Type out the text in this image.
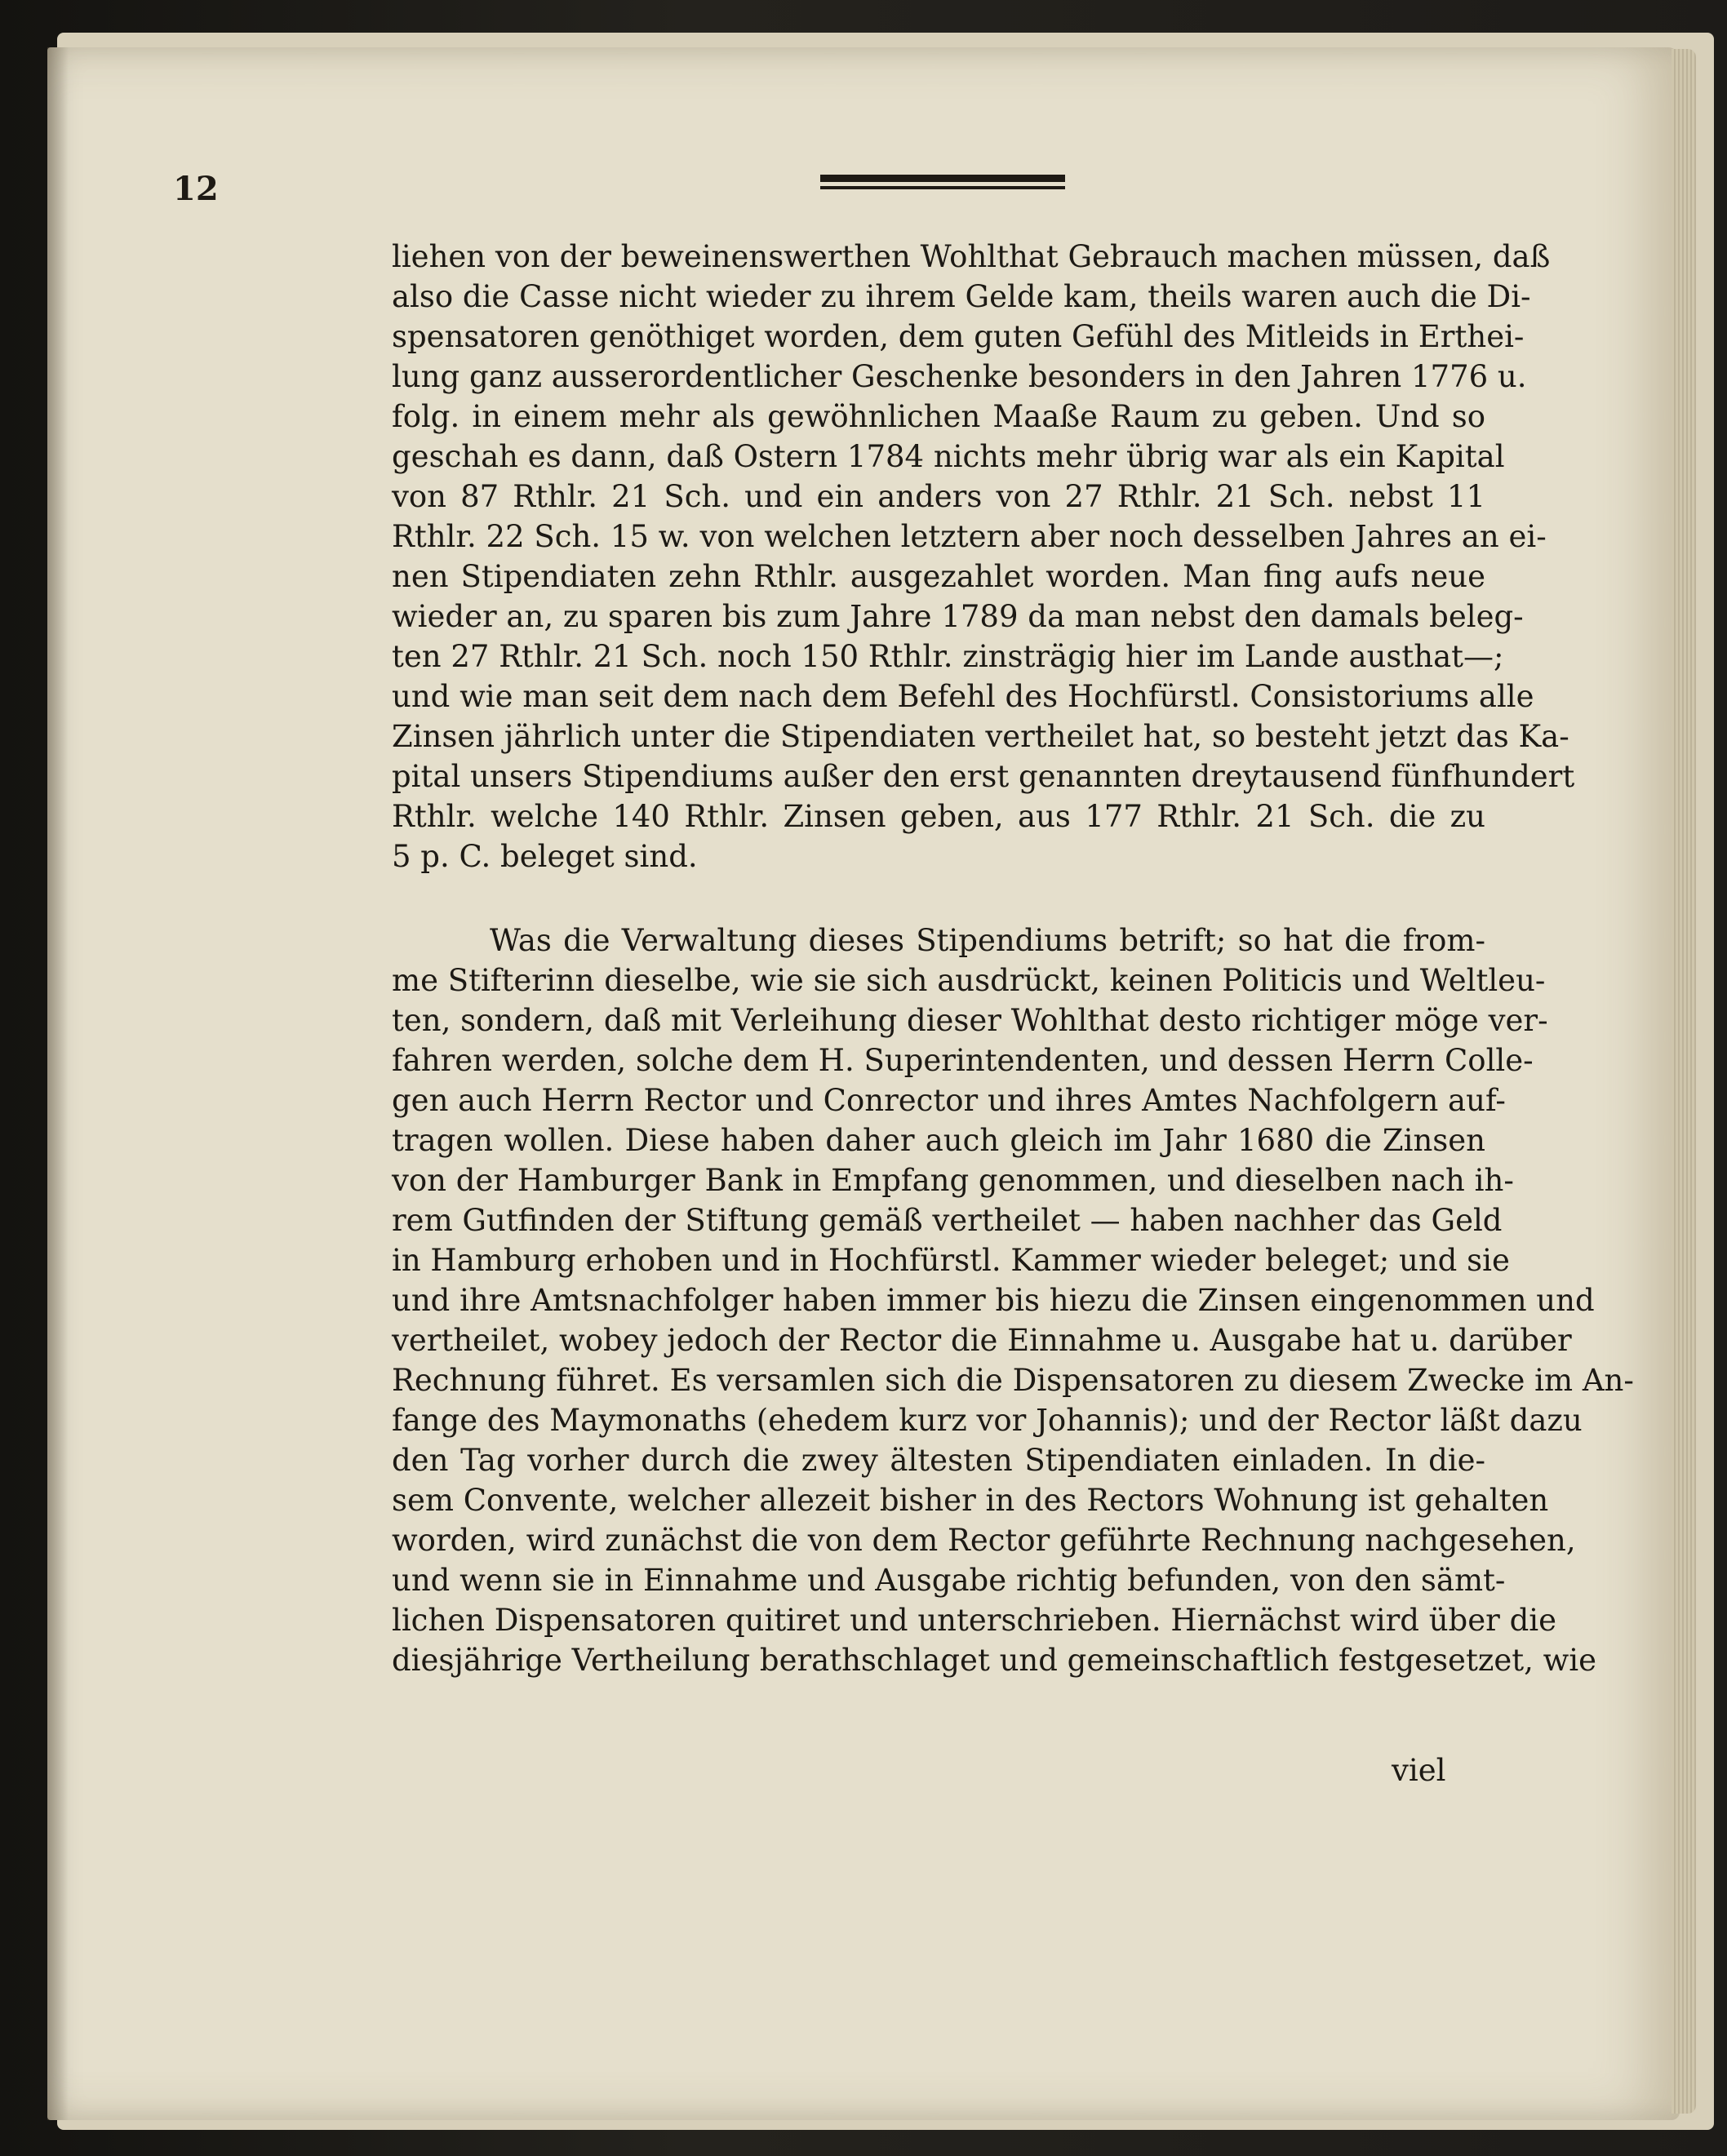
12
liehen von der beweinenswerthen Wohlthat Gebrauch machen müssen, daß
also die Casse nicht wieder zu ihrem Gelde kam, theils waren auch die Di-
spensatoren genöthiget worden, dem guten Gefühl des Mitleids in Erthei-
lung ganz ausserordentlicher Geschenke besonders in den Jahren 1776 u.
folg. in einem mehr als gewöhnlichen Maaße Raum zu geben. Und so
geschah es dann, daß Ostern 1784 nichts mehr übrig war als ein Kapital
von 87 Rthlr. 21 Sch. und ein anders von 27 Rthlr. 21 Sch. nebst 11
Rthlr. 22 Sch. 15 w. von welchen letztern aber noch desselben Jahres an ei-
nen Stipendiaten zehn Rthlr. ausgezahlet worden. Man fing aufs neue
wieder an, zu sparen bis zum Jahre 1789 da man nebst den damals beleg-
ten 27 Rthlr. 21 Sch. noch 150 Rthlr. zinsträgig hier im Lande austhat—;
und wie man seit dem nach dem Befehl des Hochfürstl. Consistoriums alle
Zinsen jährlich unter die Stipendiaten vertheilet hat, so besteht jetzt das Ka-
pital unsers Stipendiums außer den erst genannten dreytausend fünfhundert
Rthlr. welche 140 Rthlr. Zinsen geben, aus 177 Rthlr. 21 Sch. die zu
5 p. C. beleget sind.
Was die Verwaltung dieses Stipendiums betrift; so hat die from-
me Stifterinn dieselbe, wie sie sich ausdrückt, keinen Politicis und Weltleu-
ten, sondern, daß mit Verleihung dieser Wohlthat desto richtiger möge ver-
fahren werden, solche dem H. Superintendenten, und dessen Herrn Colle-
gen auch Herrn Rector und Conrector und ihres Amtes Nachfolgern auf-
tragen wollen. Diese haben daher auch gleich im Jahr 1680 die Zinsen
von der Hamburger Bank in Empfang genommen, und dieselben nach ih-
rem Gutfinden der Stiftung gemäß vertheilet — haben nachher das Geld
in Hamburg erhoben und in Hochfürstl. Kammer wieder beleget; und sie
und ihre Amtsnachfolger haben immer bis hiezu die Zinsen eingenommen und
vertheilet, wobey jedoch der Rector die Einnahme u. Ausgabe hat u. darüber
Rechnung führet. Es versamlen sich die Dispensatoren zu diesem Zwecke im An-
fange des Maymonaths (ehedem kurz vor Johannis); und der Rector läßt dazu
den Tag vorher durch die zwey ältesten Stipendiaten einladen. In die-
sem Convente, welcher allezeit bisher in des Rectors Wohnung ist gehalten
worden, wird zunächst die von dem Rector geführte Rechnung nachgesehen,
und wenn sie in Einnahme und Ausgabe richtig befunden, von den sämt-
lichen Dispensatoren quitiret und unterschrieben. Hiernächst wird über die
diesjährige Vertheilung berathschlaget und gemeinschaftlich festgesetzet, wie
viel
